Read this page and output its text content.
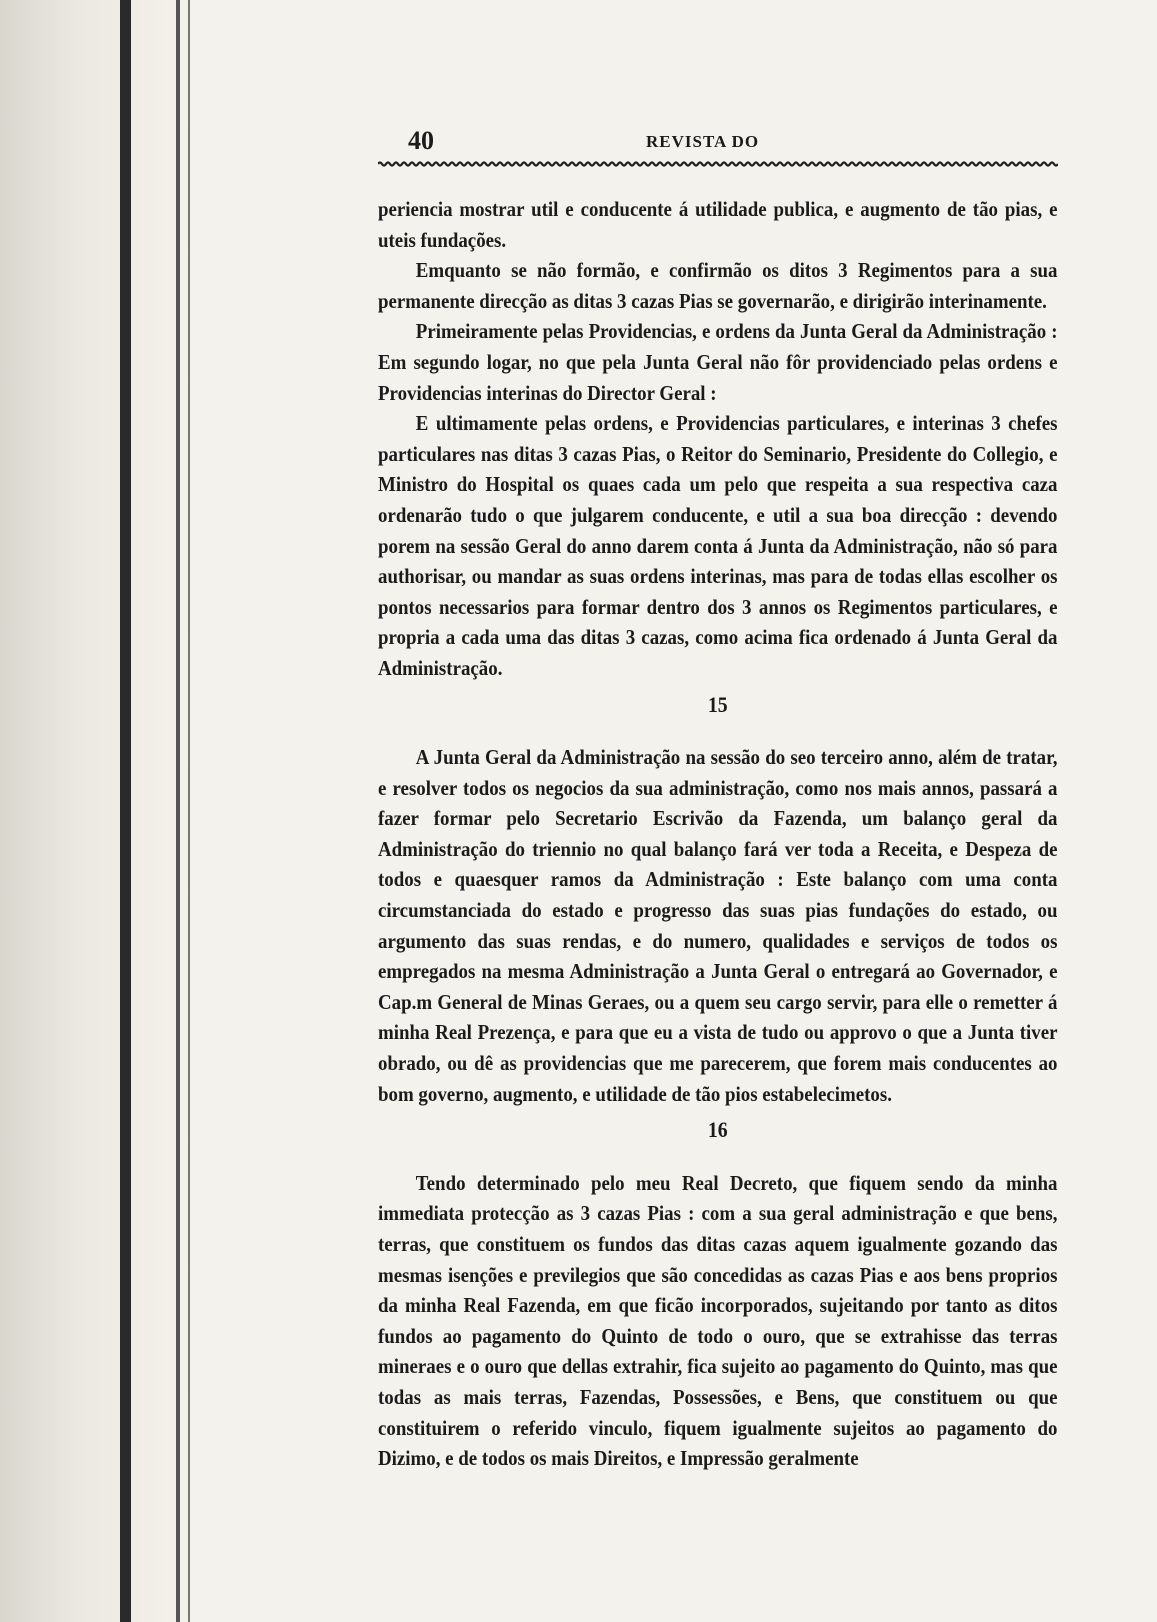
40	REVISTA DO

periencia mostrar util e conducente á utilidade publica, e augmento de tão pias, e uteis fundações.

Emquanto se não formão, e confirmão os ditos 3 Regimentos para a sua permanente direcção as ditas 3 cazas Pias se governarão, e dirigirão interinamente.

Primeiramente pelas Providencias, e ordens da Junta Geral da Administração : Em segundo logar, no que pela Junta Geral não fôr providenciado pelas ordens e Providencias interinas do Director Geral :

E ultimamente pelas ordens, e Providencias particulares, e interinas 3 chefes particulares nas ditas 3 cazas Pias, o Reitor do Seminario, Presidente do Collegio, e Ministro do Hospital os quaes cada um pelo que respeita a sua respectiva caza ordenarão tudo o que julgarem conducente, e util a sua boa direcção : devendo porem na sessão Geral do anno darem conta á Junta da Administração, não só para authorisar, ou mandar as suas ordens interinas, mas para de todas ellas escolher os pontos necessarios para formar dentro dos 3 annos os Regimentos particulares, e propria a cada uma das ditas 3 cazas, como acima fica ordenado á Junta Geral da Administração.

15

A Junta Geral da Administração na sessão do seo terceiro anno, além de tratar, e resolver todos os negocios da sua administração, como nos mais annos, passará a fazer formar pelo Secretario Escrivão da Fazenda, um balanço geral da Administração do triennio no qual balanço fará ver toda a Receita, e Despeza de todos e quaesquer ramos da Administração : Este balanço com uma conta circumstanciada do estado e progresso das suas pias fundações do estado, ou argumento das suas rendas, e do numero, qualidades e serviços de todos os empregados na mesma Administração a Junta Geral o entregará ao Governador, e Cap.m General de Minas Geraes, ou a quem seu cargo servir, para elle o remetter á minha Real Prezença, e para que eu a vista de tudo ou approvo o que a Junta tiver obrado, ou dê as providencias que me parecerem, que forem mais conducentes ao bom governo, augmento, e utilidade de tão pios estabelecimetos.

16

Tendo determinado pelo meu Real Decreto, que fiquem sendo da minha immediata protecção as 3 cazas Pias : com a sua geral administração e que bens, terras, que constituem os fundos das ditas cazas aquem igualmente gozando das mesmas isenções e previlegios que são concedidas as cazas Pias e aos bens proprios da minha Real Fazenda, em que ficão incorporados, sujeitando por tanto as ditos fundos ao pagamento do Quinto de todo o ouro, que se extrahisse das terras mineraes e o ouro que dellas extrahir, fica sujeito ao pagamento do Quinto, mas que todas as mais terras, Fazendas, Possessões, e Bens, que constituem ou que constituirem o referido vinculo, fiquem igualmente sujeitos ao pagamento do Dizimo, e de todos os mais Direitos, e Impressão geralmente
